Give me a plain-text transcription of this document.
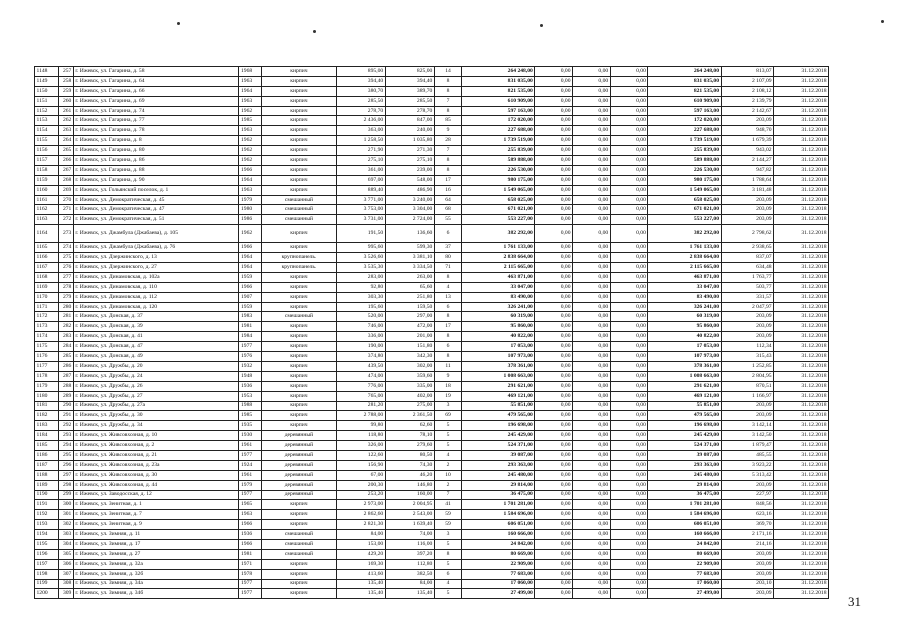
1148	257	г. Ижевск, ул. Гагарина, д. 58	1968	кирпич	895,00	825,00	14	264 248,00	0,00	0,00	0,00	264 248,00	813,07	31.12.2018
1149	258	г. Ижевск, ул. Гагарина, д. 64	1963	кирпич	394,40	394,40	8	831 035,00	0,00	0,00	0,00	831 035,00	2 107,09	31.12.2018
1150	259	г. Ижевск, ул. Гагарина, д. 66	1964	кирпич	380,70	389,70	8	821 535,00	0,00	0,00	0,00	821 535,00	2 108,12	31.12.2018
1151	260	г. Ижевск, ул. Гагарина, д. 69	1963	кирпич	285,50	285,50	7	610 909,00	0,00	0,00	0,00	610 909,00	2 139,79	31.12.2018
1152	261	г. Ижевск, ул. Гагарина, д. 74	1962	кирпич	278,70	278,70	8	597 163,00	0,00	0,00	0,00	597 163,00	2 142,67	31.12.2018
1153	262	г. Ижевск, ул. Гагарина, д. 77	1985	кирпич	2 436,00	847,00	85	172 020,00	0,00	0,00	0,00	172 020,00	203,09	31.12.2018
1154	263	г. Ижевск, ул. Гагарина, д. 78	1963	кирпич	363,00	240,00	9	227 688,00	0,00	0,00	0,00	227 688,00	948,70	31.12.2018
1155	264	г. Ижевск, ул. Гагарина, д. 8	1962	кирпич	1 258,50	1 035,80	28	1 739 519,00	0,00	0,00	0,00	1 739 519,00	1 679,39	31.12.2018
1156	265	г. Ижевск, ул. Гагарина, д. 80	1962	кирпич	271,90	271,30	7	255 839,00	0,00	0,00	0,00	255 839,00	943,02	31.12.2018
1157	266	г. Ижевск, ул. Гагарина, д. 86	1962	кирпич	275,10	275,10	8	589 888,00	0,00	0,00	0,00	589 888,00	2 144,27	31.12.2018
1158	267	г. Ижевск, ул. Гагарина, д. 88	1966	кирпич	361,00	239,00	8	226 530,00	0,00	0,00	0,00	226 530,00	947,82	31.12.2018
1159	268	г. Ижевск, ул. Гагарина, д. 90	1964	кирпич	697,00	548,00	17	980 175,00	0,00	0,00	0,00	980 175,00	1 788,64	31.12.2018
1160	269	г. Ижевск, ул. Гольянский поселок, д. 1	1963	кирпич	889,40	486,90	16	1 549 065,00	0,00	0,00	0,00	1 549 065,00	3 181,48	31.12.2018
1161	270	г. Ижевск, ул. Демократическая, д. 45	1979	смешанный	3 771,00	3 240,00	64	658 025,00	0,00	0,00	0,00	658 025,00	203,09	31.12.2018
1162	271	г. Ижевск, ул. Демократическая, д. 47	1980	смешанный	3 753,00	3 304,00	68	671 021,00	0,00	0,00	0,00	671 021,00	203,09	31.12.2018
1163	272	г. Ижевск, ул. Демократическая, д. 51	1986	смешанный	3 731,00	2 724,00	55	553 227,00	0,00	0,00	0,00	553 227,00	203,09	31.12.2018
1164	273	г. Ижевск, ул. Джамбула (Джабаева), д. 105	1962	кирпич	191,50	136,60	6	382 292,00	0,00	0,00	0,00	382 292,00	2 798,62	31.12.2018
1165	274	г. Ижевск, ул. Джамбула (Джабаева), д. 76	1966	кирпич	995,60	599,30	37	1 761 133,00	0,00	0,00	0,00	1 761 133,00	2 938,65	31.12.2018
1166	275	г. Ижевск, ул. Дзержинского, д. 13	1964	крупнопанель.	3 526,60	3 381,10	80	2 838 664,00	0,00	0,00	0,00	2 838 664,00	837,07	31.12.2018
1167	276	г. Ижевск, ул. Дзержинского, д. 27	1964	крупнопанель.	3 535,30	3 334,50	71	2 115 665,00	0,00	0,00	0,00	2 115 665,00	634,48	31.12.2018
1168	277	г. Ижевск, ул. Динамовская, д. 102а	1959	кирпич	283,00	263,00	8	463 871,00	0,00	0,00	0,00	463 871,00	1 763,77	31.12.2018
1169	278	г. Ижевск, ул. Динамовская, д. 110	1966	кирпич	92,80	65,60	4	33 047,00	0,00	0,00	0,00	33 047,00	503,77	31.12.2018
1170	279	г. Ижевск, ул. Динамовская, д. 112	1907	кирпич	303,30	251,80	13	83 490,00	0,00	0,00	0,00	83 490,00	331,57	31.12.2018
1171	280	г. Ижевск, ул. Динамовская, д. 120	1959	кирпич	195,60	159,50	6	326 241,00	0,00	0,00	0,00	326 241,00	2 047,97	31.12.2018
1172	281	г. Ижевск, ул. Донская, д. 37	1983	смешанный	520,00	297,00	8	60 319,00	0,00	0,00	0,00	60 319,00	203,09	31.12.2018
1173	282	г. Ижевск, ул. Донская, д. 39	1981	кирпич	746,00	472,00	17	95 860,00	0,00	0,00	0,00	95 860,00	203,09	31.12.2018
1174	283	г. Ижевск, ул. Донская, д. 41	1984	кирпич	336,00	201,00	8	40 822,00	0,00	0,00	0,00	40 822,00	203,09	31.12.2018
1175	284	г. Ижевск, ул. Донская, д. 47	1977	кирпич	190,00	151,80	6	17 053,00	0,00	0,00	0,00	17 053,00	112,34	31.12.2018
1176	285	г. Ижевск, ул. Донская, д. 49	1976	кирпич	374,80	342,30	8	107 973,00	0,00	0,00	0,00	107 973,00	315,43	31.12.2018
1177	286	г. Ижевск, ул. Дружбы, д. 20	1932	кирпич	439,50	302,00	11	378 361,00	0,00	0,00	0,00	378 361,00	1 252,85	31.12.2018
1178	287	г. Ижевск, ул. Дружбы, д. 24	1948	кирпич	474,00	359,60	9	1 008 663,00	0,00	0,00	0,00	1 008 663,00	2 804,95	31.12.2018
1179	288	г. Ижевск, ул. Дружбы, д. 26	1936	кирпич	776,00	335,00	18	291 621,00	0,00	0,00	0,00	291 621,00	870,51	31.12.2018
1180	289	г. Ижевск, ул. Дружбы, д. 27	1953	кирпич	765,00	402,00	19	469 121,00	0,00	0,00	0,00	469 121,00	1 166,97	31.12.2018
1181	290	г. Ижевск, ул. Дружбы, д. 27а	1988	кирпич	281,20	275,00	3	55 851,00	0,00	0,00	0,00	55 851,00	203,09	31.12.2018
1182	291	г. Ижевск, ул. Дружбы, д. 30	1985	кирпич	2 788,00	2 361,50	69	479 565,00	0,00	0,00	0,00	479 565,00	203,09	31.12.2018
1183	292	г. Ижевск, ул. Дружбы, д. 34	1935	кирпич	99,80	62,60	5	196 698,00	0,00	0,00	0,00	196 698,00	3 142,14	31.12.2018
1184	293	г. Ижевск, ул. Живсовхозная, д. 10	1930	деревянный	118,80	78,10	5	245 429,00	0,00	0,00	0,00	245 429,00	3 142,50	31.12.2018
1185	294	г. Ижевск, ул. Живсовхозная, д. 2	1961	деревянный	326,00	279,60	5	524 371,00	0,00	0,00	0,00	524 371,00	1 879,47	31.12.2018
1186	295	г. Ижевск, ул. Живсовхозная, д. 21	1977	деревянный	122,60	80,50	4	39 087,00	0,00	0,00	0,00	39 087,00	485,55	31.12.2018
1187	296	г. Ижевск, ул. Живсовхозная, д. 23а	1924	деревянный	156,90	74,30	2	293 363,00	0,00	0,00	0,00	293 363,00	3 923,22	31.12.2018
1188	297	г. Ижевск, ул. Живсовхозная, д. 30	1961	деревянный	67,00	46,20	10	245 480,00	0,00	0,00	0,00	245 480,00	5 313,42	31.12.2018
1189	298	г. Ижевск, ул. Живсовхозная, д. 44	1979	деревянный	200,30	146,80	2	29 814,00	0,00	0,00	0,00	29 814,00	203,09	31.12.2018
1190	299	г. Ижевск, ул. Заводосская, д. 12	1977	деревянный	253,20	160,00	7	36 475,00	0,00	0,00	0,00	36 475,00	227,97	31.12.2018
1191	300	г. Ижевск, ул. Зенитная, д. 1	1965	кирпич	2 973,00	2 004,95	41	1 701 281,00	0,00	0,00	0,00	1 701 281,00	848,56	31.12.2018
1192	301	г. Ижевск, ул. Зенитная, д. 7	1963	кирпич	2 862,60	2 543,00	59	1 584 696,00	0,00	0,00	0,00	1 584 696,00	623,16	31.12.2018
1193	302	г. Ижевск, ул. Зенитная, д. 9	1966	кирпич	2 821,30	1 639,40	59	606 051,00	0,00	0,00	0,00	606 051,00	369,70	31.12.2018
1194	303	г. Ижевск, ул. Зимняя, д. 11	1936	смешанный	84,00	74,00	3	160 666,00	0,00	0,00	0,00	160 666,00	2 171,16	31.12.2018
1195	304	г. Ижевск, ул. Зимняя, д. 17	1966	смешанный	153,00	116,00	5	24 842,00	0,00	0,00	0,00	24 842,00	214,16	31.12.2018
1196	305	г. Ижевск, ул. Зимняя, д. 27	1981	смешанный	429,20	397,20	8	80 669,00	0,00	0,00	0,00	80 669,00	203,09	31.12.2018
1197	306	г. Ижевск, ул. Зимняя, д. 32а	1971	кирпич	169,30	112,80	5	22 909,00	0,00	0,00	0,00	22 909,00	203,09	31.12.2018
1198	307	г. Ижевск, ул. Зимняя, д. 32б	1978	кирпич	413,60	382,50	6	77 683,00	0,00	0,00	0,00	77 683,00	203,09	31.12.2018
1199	308	г. Ижевск, ул. Зимняя, д. 34а	1977	кирпич	135,40	84,00	4	17 060,00	0,00	0,00	0,00	17 060,00	203,10	31.12.2018
1200	309	г. Ижевск, ул. Зимняя, д. 34б	1977	кирпич	135,40	135,40	5	27 499,00	0,00	0,00	0,00	27 499,00	203,09	31.12.2018
31
